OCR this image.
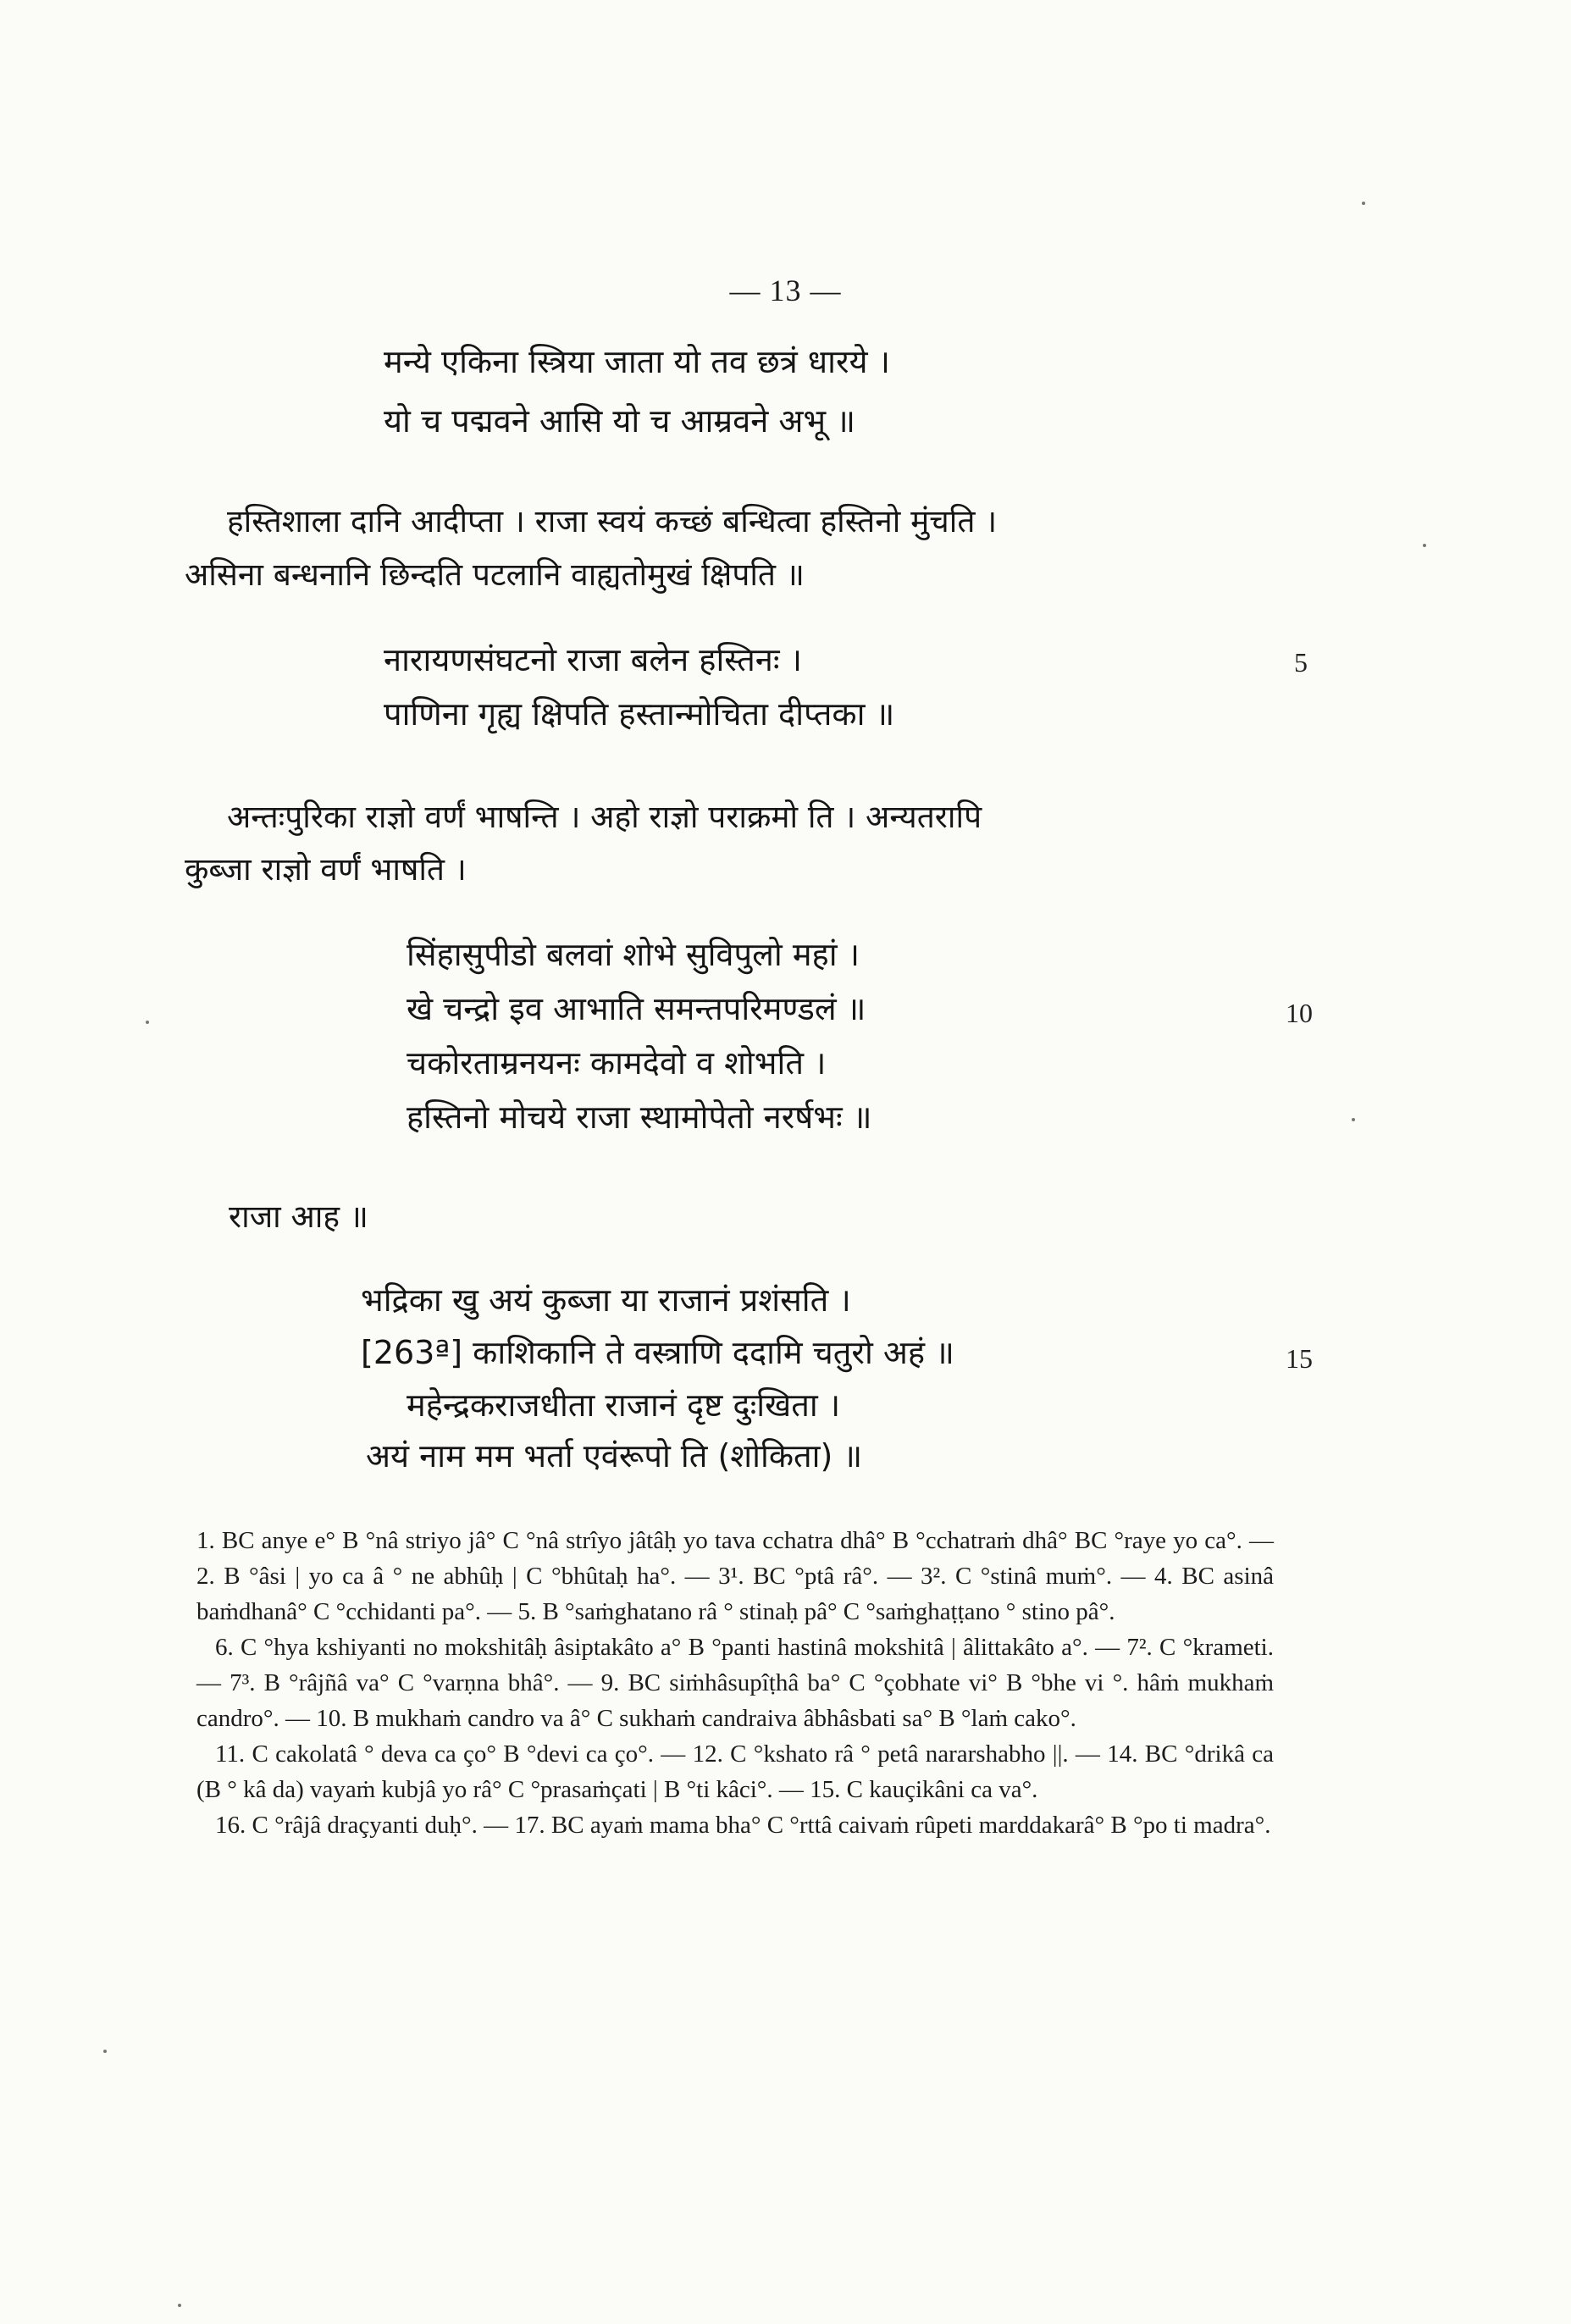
— 13 —
मन्ये एकिना स्त्रिया जाता यो तव छत्रं धारये ।
यो च पद्मवने आसि यो च आम्रवने अभू ॥
हस्तिशाला दानि आदीप्ता । राजा स्वयं कच्छं बन्धित्वा हस्तिनो मुंचति ।
असिना बन्धनानि छिन्दति पटलानि वाह्यतोमुखं क्षिपति ॥
नारायणसंघटनो राजा बलेन हस्तिनः ।
पाणिना गृह्य क्षिपति हस्तान्मोचिता दीप्तका ॥
5
अन्तःपुरिका राज्ञो वर्णं भाषन्ति । अहो राज्ञो पराक्रमो ति । अन्यतरापि
कुब्जा राज्ञो वर्णं भाषति ।
सिंहासुपीडो बलवां शोभे सुविपुलो महां ।
खे चन्द्रो इव आभाति समन्तपरिमण्डलं ॥
चकोरताम्रनयनः कामदेवो व शोभति ।
हस्तिनो मोचये राजा स्थामोपेतो नरर्षभः ॥
10
राजा आह ॥
भद्रिका खु अयं कुब्जा या राजानं प्रशंसति ।
[263ª] काशिकानि ते वस्त्राणि ददामि चतुरो अहं ॥
महेन्द्रकराजधीता राजानं दृष्ट दुःखिता ।
अयं नाम मम भर्ता एवंरूपो ति (शोकिता) ॥
15

1. BC anye e° B °nâ striyo jâ° C °nâ strîyo jâtâḥ yo tava cchatra dhâ° B °cchatraṁ dhâ° BC °raye yo ca°. — 2. B °âsi | yo ca â ° ne abhûḥ | C °bhûtaḥ ha°. — 3¹. BC °ptâ râ°. — 3². C °stinâ muṁ°. — 4. BC asinâ baṁdhanâ° C °cchidanti pa°. — 5. B °saṁghatano râ ° stinaḥ pâ° C °saṁghaṭṭano ° stino pâ°.

6. C °hya kshiyanti no mokshitâḥ âsiptakâto a° B °panti hastinâ mokshitâ | âlittakâto a°. — 7². C °krameti. — 7³. B °râjñâ va° C °varṇna bhâ°. — 9. BC siṁhâsupîṭhâ ba° C °çobhate vi° B °bhe vi °. hâṁ mukhaṁ candro°. — 10. B mukhaṁ candro va â° C sukhaṁ candraiva âbhâsbati sa° B °laṁ cako°.

11. C cakolatâ ° deva ca ço° B °devi ca ço°. — 12. C °kshato râ ° petâ nararshabho ||. — 14. BC °drikâ ca (B ° kâ da) vayaṁ kubjâ yo râ° C °prasaṁçati | B °ti kâci°. — 15. C kauçikâni ca va°.

16. C °râjâ draçyanti duḥ°. — 17. BC ayaṁ mama bha° C °rttâ caivaṁ rûpeti marddakarâ° B °po ti madra°.
